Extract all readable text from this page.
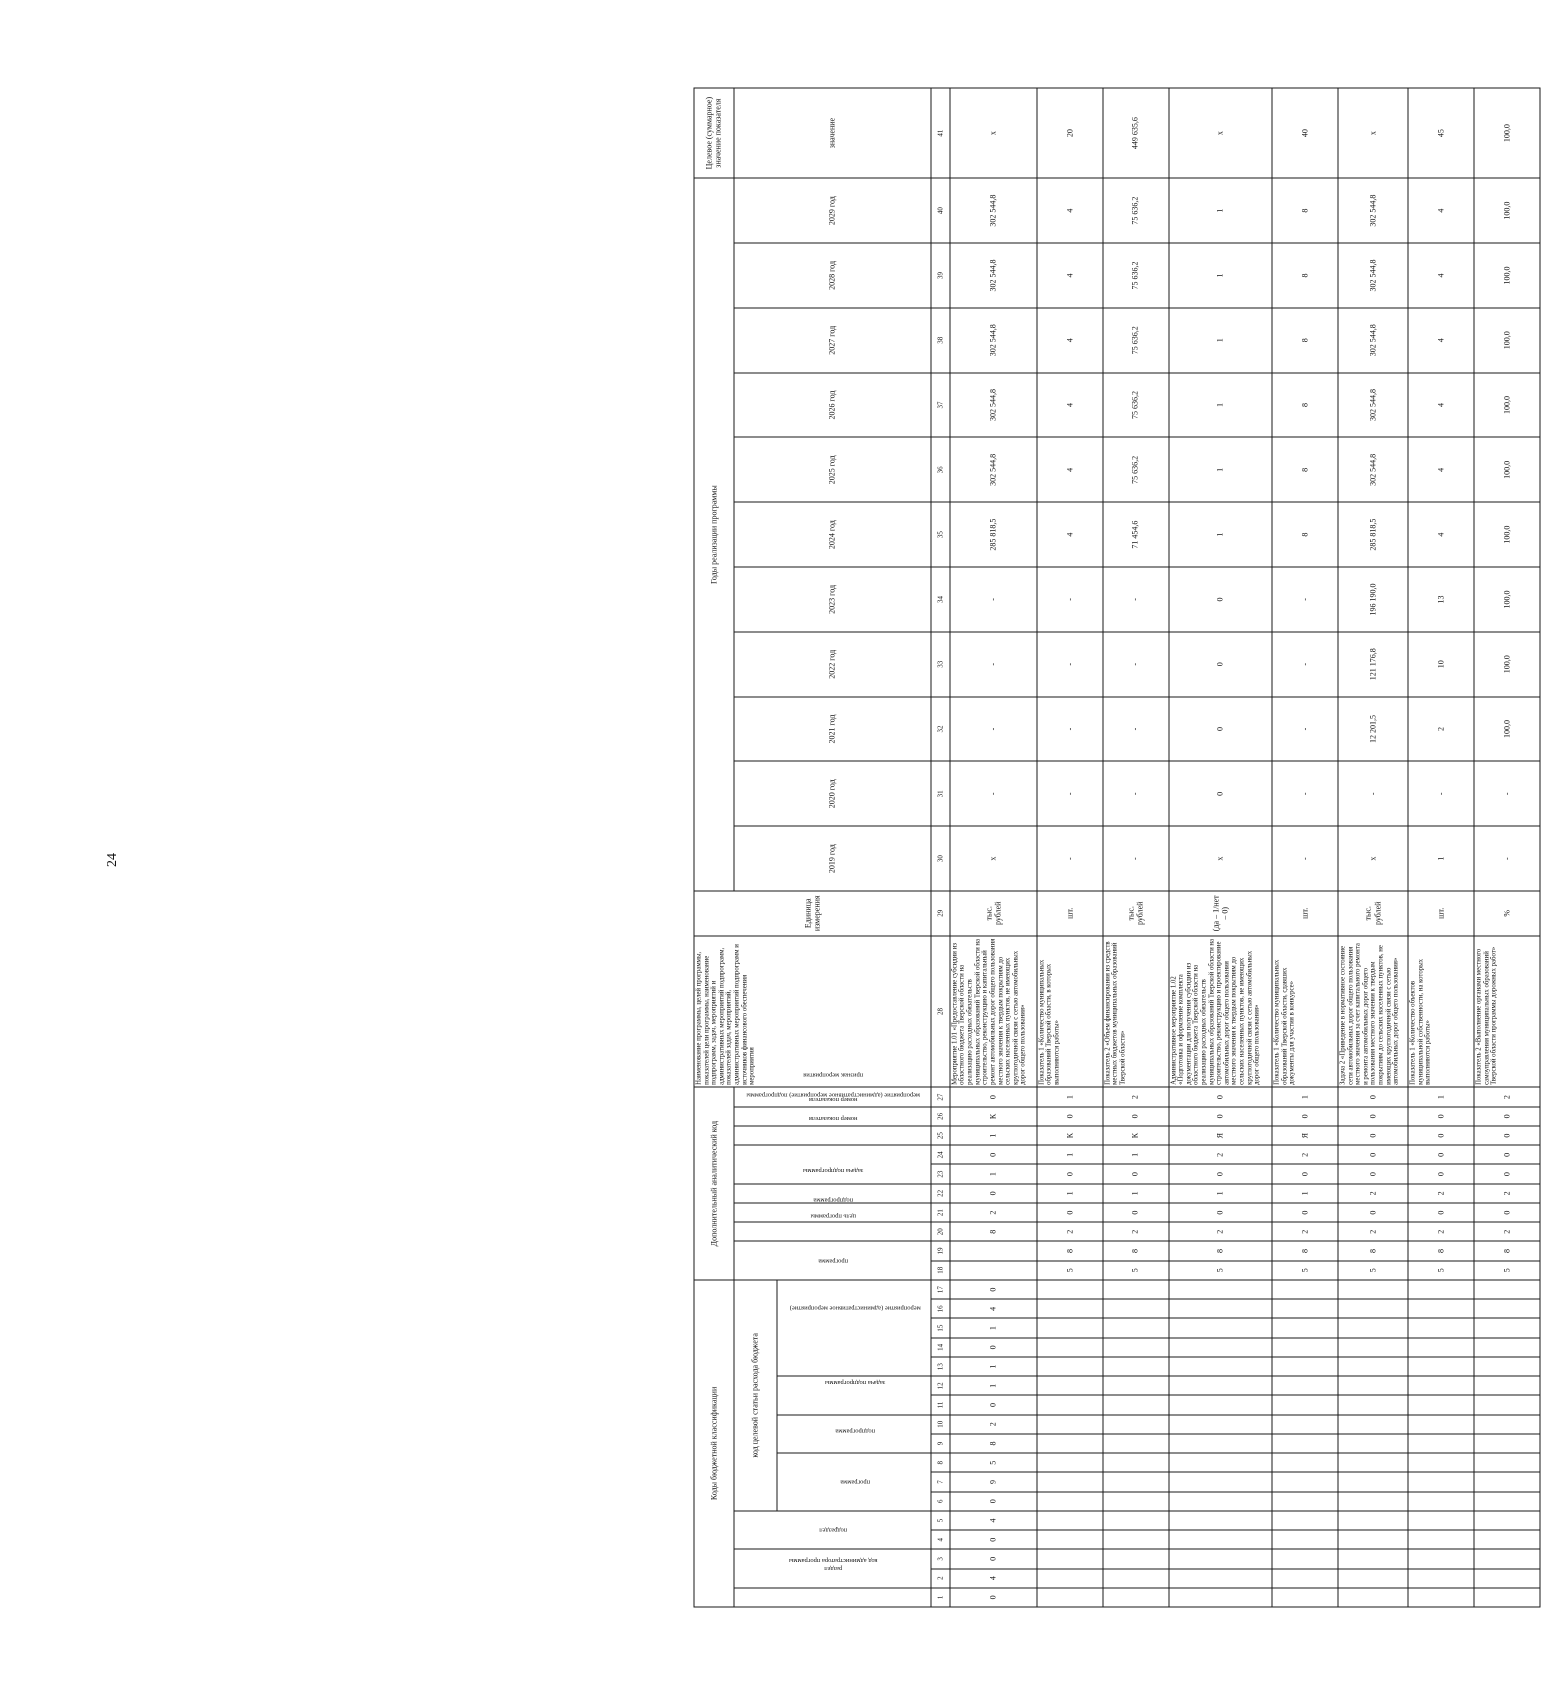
24
Коды бюджетной классификации																	Дополнительный аналитический код										Наименование программы, целей программы, показателей цели программы, наименование подпрограмм, задач, мероприятий и административных мероприятий подпрограмм, показателей задач, мероприятий, административных мероприятий подпрограмм и источников финансового обеспечения мероприятия	Единица измерения	Годы реализации программы											Целевое (суммарное) значение показателя
код администратора программы	раздел		подраздел		код целевой статьи расхода бюджета												программа		цель программы	подпрограмма	задача подпрограммы	мероприятие (административное мероприятие) подпрограммы		номер показателя	номер показателя	признак мероприятия			2019 год	2020 год	2021 год	2022 год	2023 год	2024 год	2025 год	2026 год	2027 год	2028 год	2029 год	значение
					программа			подпрограмма		задача подпрограммы		мероприятие (административное мероприятие)																												
1	2	3	4	5	6	7	8	9	10	11	12	13	14	15	16	17	18	19	20	21	22	23	24	25	26	27	28	29	30	31	32	33	34	35	36	37	38	39	40	41
0	4	0	0	4	0	9	5	8	2	0	1	1	0	1	4	0			8	2	0	1	0	1	К	0	Мероприятие 1.01 «Предоставление субсидии из областного бюджета Тверской области на реализацию расходных обязательств муниципальных образований Тверской области на строительство, реконструкцию и капитальный ремонт автомобильных дорог общего пользования местного значения к твердым покрытиям до сельских населенных пунктов, не имеющих круглогодичной связи с сетью автомобильных дорог общего пользования»	тыс. рублей	х	-	-	-	-	285 818,5	302 544,8	302 544,8	302 544,8	302 544,8	302 544,8	х
																	5	8	2	0	1	0	1	К	0	1	Показатель 1 «Количество муниципальных образований Тверской области, в которых выполняются работы»	шт.	-	-	-	-	-	4	4	4	4	4	4	20
																	5	8	2	0	1	0	1	К	0	2	Показатель 2 «Объем финансирования из средств местных бюджетов муниципальных образований Тверской области»	тыс. рублей	-	-	-	-	-	71 454,6	75 636,2	75 636,2	75 636,2	75 636,2	75 636,2	449 635,6
																	5	8	2	0	1	0	2	Я	0	0	Административное мероприятие 1.02 «Подготовка и оформление комплекта документации для получения субсидии из областного бюджета Тверской области на реализацию расходных обязательств муниципальных образований Тверской области на строительство, реконструкцию и проектирование автомобильных дорог общего пользования местного значения к твердым покрытиям до сельских населенных пунктов, не имеющих круглогодичной связи с сетью автомобильных дорог общего пользования»	(да – 1/нет – 0)	х	0	0	0	0	1	1	1	1	1	1	х
																	5	8	2	0	1	0	2	Я	0	1	Показатель 1 «Количество муниципальных образований Тверской области, сдавших документы для участия в конкурсе»	шт.	-	-	-	-	-	8	8	8	8	8	8	40
																	5	8	2	0	2	0	0	0	0	0	Задача 2 «Приведение в нормативное состояние сети автомобильных дорог общего пользования местного значения за счет капитального ремонта и ремонта автомобильных дорог общего пользования местного значения к твердым покрытиям до сельских населенных пунктов, не имеющих круглогодичной связи с сетью автомобильных дорог общего пользования»	тыс. рублей	х	-	12 201,5	121 176,8	196 190,0	285 818,5	302 544,8	302 544,8	302 544,8	302 544,8	302 544,8	х
																	5	8	2	0	2	0	0	0	0	1	Показатель 1 «Количество объектов муниципальной собственности, на которых выполняются работы»	шт.	1	-	2	10	13	4	4	4	4	4	4	45
																	5	8	2	0	2	0	0	0	0	2	Показатель 2 «Выполнение органами местного самоуправления муниципальных образований Тверской области программы дорожных работ»	%	-	-	100,0	100,0	100,0	100,0	100,0	100,0	100,0	100,0	100,0	100,0
